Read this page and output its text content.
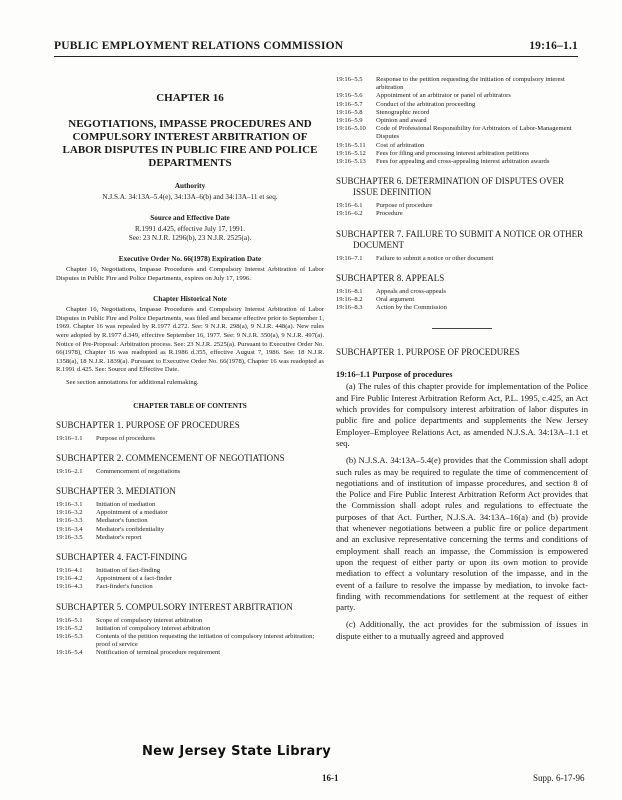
PUBLIC EMPLOYMENT RELATIONS COMMISSION	19:16–1.1
CHAPTER 16
NEGOTIATIONS, IMPASSE PROCEDURES AND COMPULSORY INTEREST ARBITRATION OF LABOR DISPUTES IN PUBLIC FIRE AND POLICE DEPARTMENTS
Authority
N.J.S.A. 34:13A–5.4(e), 34:13A–6(b) and 34:13A–11 et seq.
Source and Effective Date
R.1991 d.425, effective July 17, 1991.
See: 23 N.J.R. 1296(b), 23 N.J.R. 2525(a).
Executive Order No. 66(1978) Expiration Date
Chapter 16, Negotiations, Impasse Procedures and Compulsory Interest Arbitration of Labor Disputes in Public Fire and Police Departments, expires on July 17, 1996.
Chapter Historical Note
Chapter 16, Negotiations, Impasse Procedures and Compulsory Interest Arbitration of Labor Disputes in Public Fire and Police Departments, was filed and became effective prior to September 1, 1969. Chapter 16 was repealed by R.1977 d.272. See: 9 N.J.R. 298(a), 9 N.J.R. 448(a). New rules were adopted by R.1977 d.349, effective September 16, 1977. See: 9 N.J.R. 350(a), 9 N.J.R. 497(a). Notice of Pre-Proposal: Arbitration process. See: 23 N.J.R. 2525(a). Pursuant to Executive Order No. 66(1978), Chapter 16 was readopted as R.1986 d.355, effective August 7, 1986. See: 18 N.J.R. 1358(a), 18 N.J.R. 1839(a). Pursuant to Executive Order No. 66(1978), Chapter 16 was readopted as R.1991 d.425. See: Source and Effective Date.
See section annotations for additional rulemaking.
CHAPTER TABLE OF CONTENTS
SUBCHAPTER 1. PURPOSE OF PROCEDURES
19:16–1.1	Purpose of procedures
SUBCHAPTER 2. COMMENCEMENT OF NEGOTIATIONS
19:16–2.1	Commencement of negotiations
SUBCHAPTER 3. MEDIATION
19:16–3.1	Initiation of mediation
19:16–3.2	Appointment of a mediator
19:16–3.3	Mediator's function
19:16–3.4	Mediator's confidentiality
19:16–3.5	Mediator's report
SUBCHAPTER 4. FACT-FINDING
19:16–4.1	Initiation of fact-finding
19:16–4.2	Appointment of a fact-finder
19:16–4.3	Fact-finder's function
SUBCHAPTER 5. COMPULSORY INTEREST ARBITRATION
19:16–5.1	Scope of compulsory interest arbitration
19:16–5.2	Initiation of compulsory interest arbitration
19:16–5.3	Contents of the petition requesting the initiation of compulsory interest arbitration; proof of service
19:16–5.4	Notification of terminal procedure requirement
19:16–5.5	Response to the petition requesting the initiation of compulsory interest arbitration
19:16–5.6	Appointment of an arbitrator or panel of arbitrators
19:16–5.7	Conduct of the arbitration proceeding
19:16–5.8	Stenographic record
19:16–5.9	Opinion and award
19:16–5.10	Code of Professional Responsibility for Arbitrators of Labor-Management Disputes
19:16–5.11	Cost of arbitration
19:16–5.12	Fees for filing and processing interest arbitration petitions
19:16–5.13	Fees for appealing and cross-appealing interest arbitration awards
SUBCHAPTER 6. DETERMINATION OF DISPUTES OVER ISSUE DEFINITION
19:16–6.1	Purpose of procedure
19:16–6.2	Procedure
SUBCHAPTER 7. FAILURE TO SUBMIT A NOTICE OR OTHER DOCUMENT
19:16–7.1	Failure to submit a notice or other document
SUBCHAPTER 8. APPEALS
19:16–8.1	Appeals and cross-appeals
19:16–8.2	Oral argument
19:16–8.3	Action by the Commission
SUBCHAPTER 1. PURPOSE OF PROCEDURES
19:16–1.1 Purpose of procedures

(a) The rules of this chapter provide for implementation of the Police and Fire Public Interest Arbitration Reform Act, P.L. 1995, c.425, an Act which provides for compulsory interest arbitration of labor disputes in public fire and police departments and supplements the New Jersey Employer–Employee Relations Act, as amended N.J.S.A. 34:13A–1.1 et seq.

(b) N.J.S.A. 34:13A–5.4(e) provides that the Commission shall adopt such rules as may be required to regulate the time of commencement of negotiations and of institution of impasse procedures, and section 8 of the Police and Fire Public Interest Arbitration Reform Act provides that the Commission shall adopt rules and regulations to effectuate the purposes of that Act. Further, N.J.S.A. 34:13A–16(a) and (b) provide that whenever negotiations between a public fire or police department and an exclusive representative concerning the terms and conditions of employment shall reach an impasse, the Commission is empowered upon the request of either party or upon its own motion to provide mediation to effect a voluntary resolution of the impasse, and in the event of a failure to resolve the impasse by mediation, to invoke fact-finding with recommendations for settlement at the request of either party.

(c) Additionally, the act provides for the submission of issues in dispute either to a mutually agreed and approved

New Jersey State Library
16-1	Supp. 6-17-96
